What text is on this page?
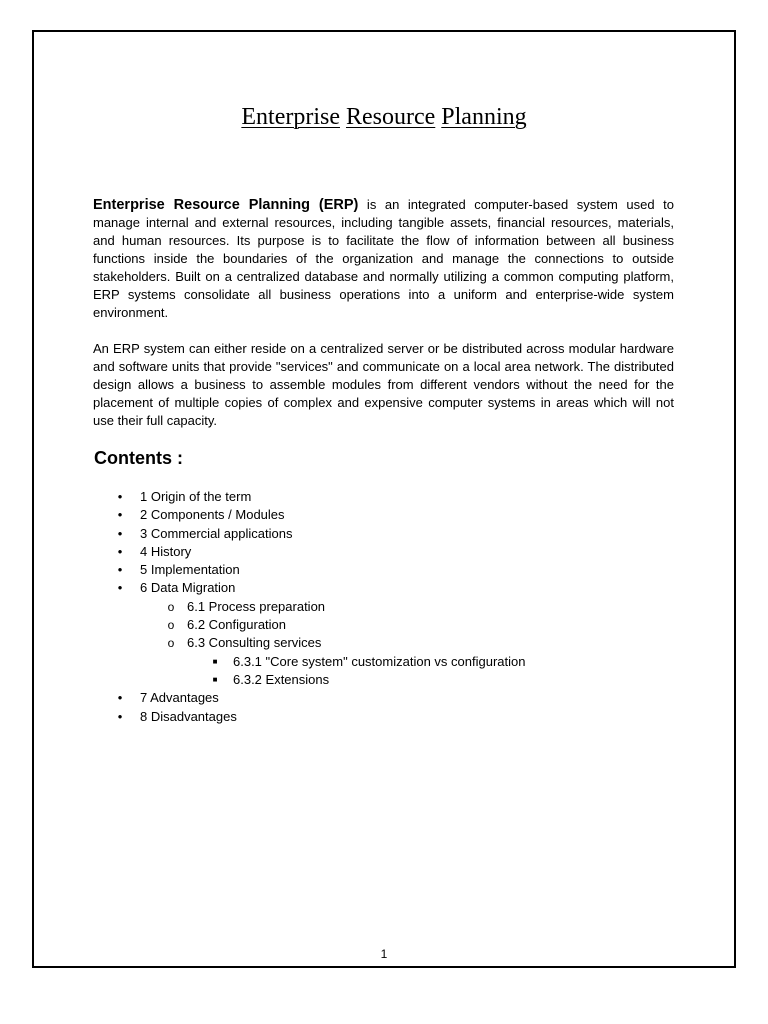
Enterprise Resource Planning

Enterprise Resource Planning (ERP) is an integrated computer-based system used to manage internal and external resources, including tangible assets, financial resources, materials, and human resources. Its purpose is to facilitate the flow of information between all business functions inside the boundaries of the organization and manage the connections to outside stakeholders. Built on a centralized database and normally utilizing a common computing platform, ERP systems consolidate all business operations into a uniform and enterprise-wide system environment.

An ERP system can either reside on a centralized server or be distributed across modular hardware and software units that provide "services" and communicate on a local area network. The distributed design allows a business to assemble modules from different vendors without the need for the placement of multiple copies of complex and expensive computer systems in areas which will not use their full capacity.

Contents :
•	1 Origin of the term
•	2 Components / Modules
•	3 Commercial applications
•	4 History
•	5 Implementation
•	6 Data Migration
o 6.1 Process preparation
o 6.2 Configuration
o 6.3 Consulting services
■	6.3.1 "Core system" customization vs configuration
■	6.3.2 Extensions
•	7 Advantages
•	8 Disadvantages
1
